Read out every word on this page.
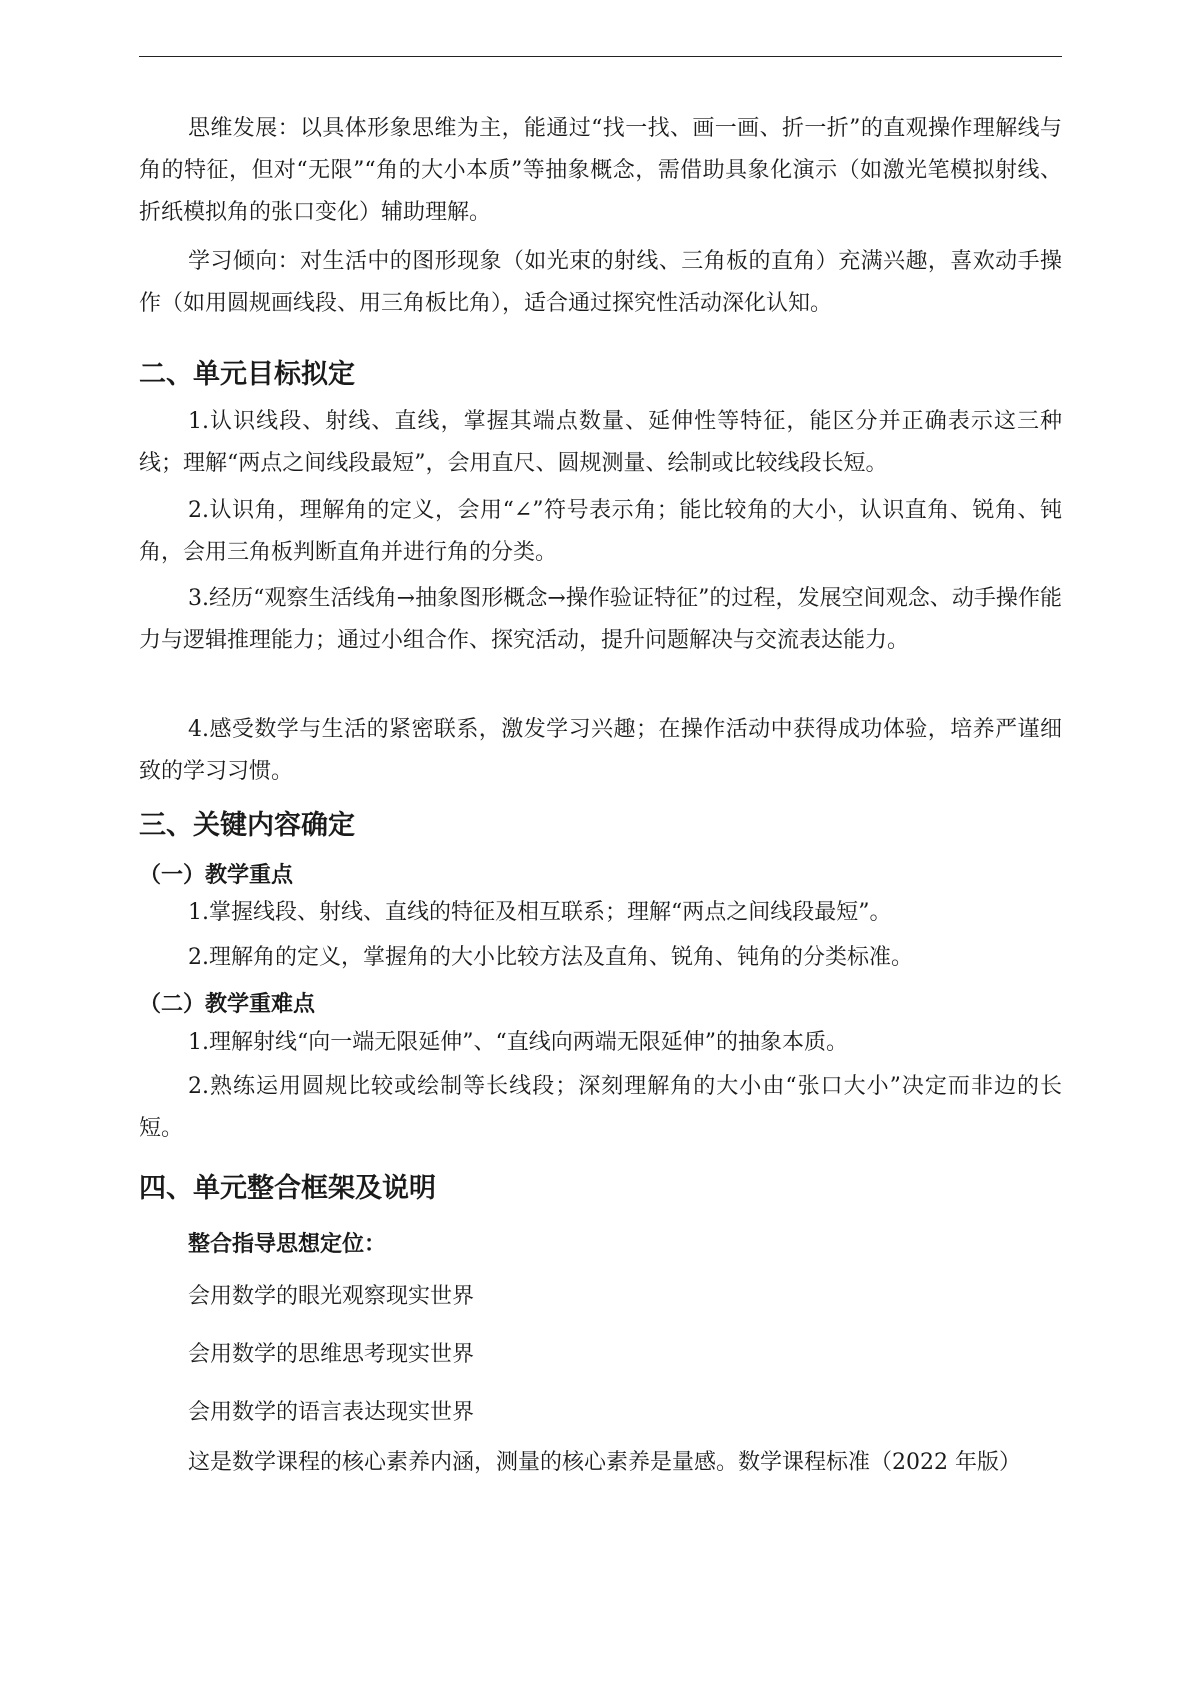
思维发展：以具体形象思维为主，能通过“找一找、画一画、折一折”的直观操作理解线与角的特征，但对“无限”“角的大小本质”等抽象概念，需借助具象化演示（如激光笔模拟射线、折纸模拟角的张口变化）辅助理解。

学习倾向：对生活中的图形现象（如光束的射线、三角板的直角）充满兴趣，喜欢动手操作（如用圆规画线段、用三角板比角），适合通过探究性活动深化认知。

二、单元目标拟定

1.认识线段、射线、直线，掌握其端点数量、延伸性等特征，能区分并正确表示这三种线；理解“两点之间线段最短”，会用直尺、圆规测量、绘制或比较线段长短。

2.认识角，理解角的定义，会用“∠”符号表示角；能比较角的大小，认识直角、锐角、钝角，会用三角板判断直角并进行角的分类。

3.经历“观察生活线角→抽象图形概念→操作验证特征”的过程，发展空间观念、动手操作能力与逻辑推理能力；通过小组合作、探究活动，提升问题解决与交流表达能力。

4.感受数学与生活的紧密联系，激发学习兴趣；在操作活动中获得成功体验，培养严谨细致的学习习惯。

三、关键内容确定
（一）教学重点

1.掌握线段、射线、直线的特征及相互联系；理解“两点之间线段最短”。

2.理解角的定义，掌握角的大小比较方法及直角、锐角、钝角的分类标准。

（二）教学重难点

1.理解射线“向一端无限延伸”、“直线向两端无限延伸”的抽象本质。

2.熟练运用圆规比较或绘制等长线段；深刻理解角的大小由“张口大小”决定而非边的长短。

四、单元整合框架及说明

整合指导思想定位：

会用数学的眼光观察现实世界

会用数学的思维思考现实世界

会用数学的语言表达现实世界

这是数学课程的核心素养内涵，测量的核心素养是量感。数学课程标准（2022 年版）
